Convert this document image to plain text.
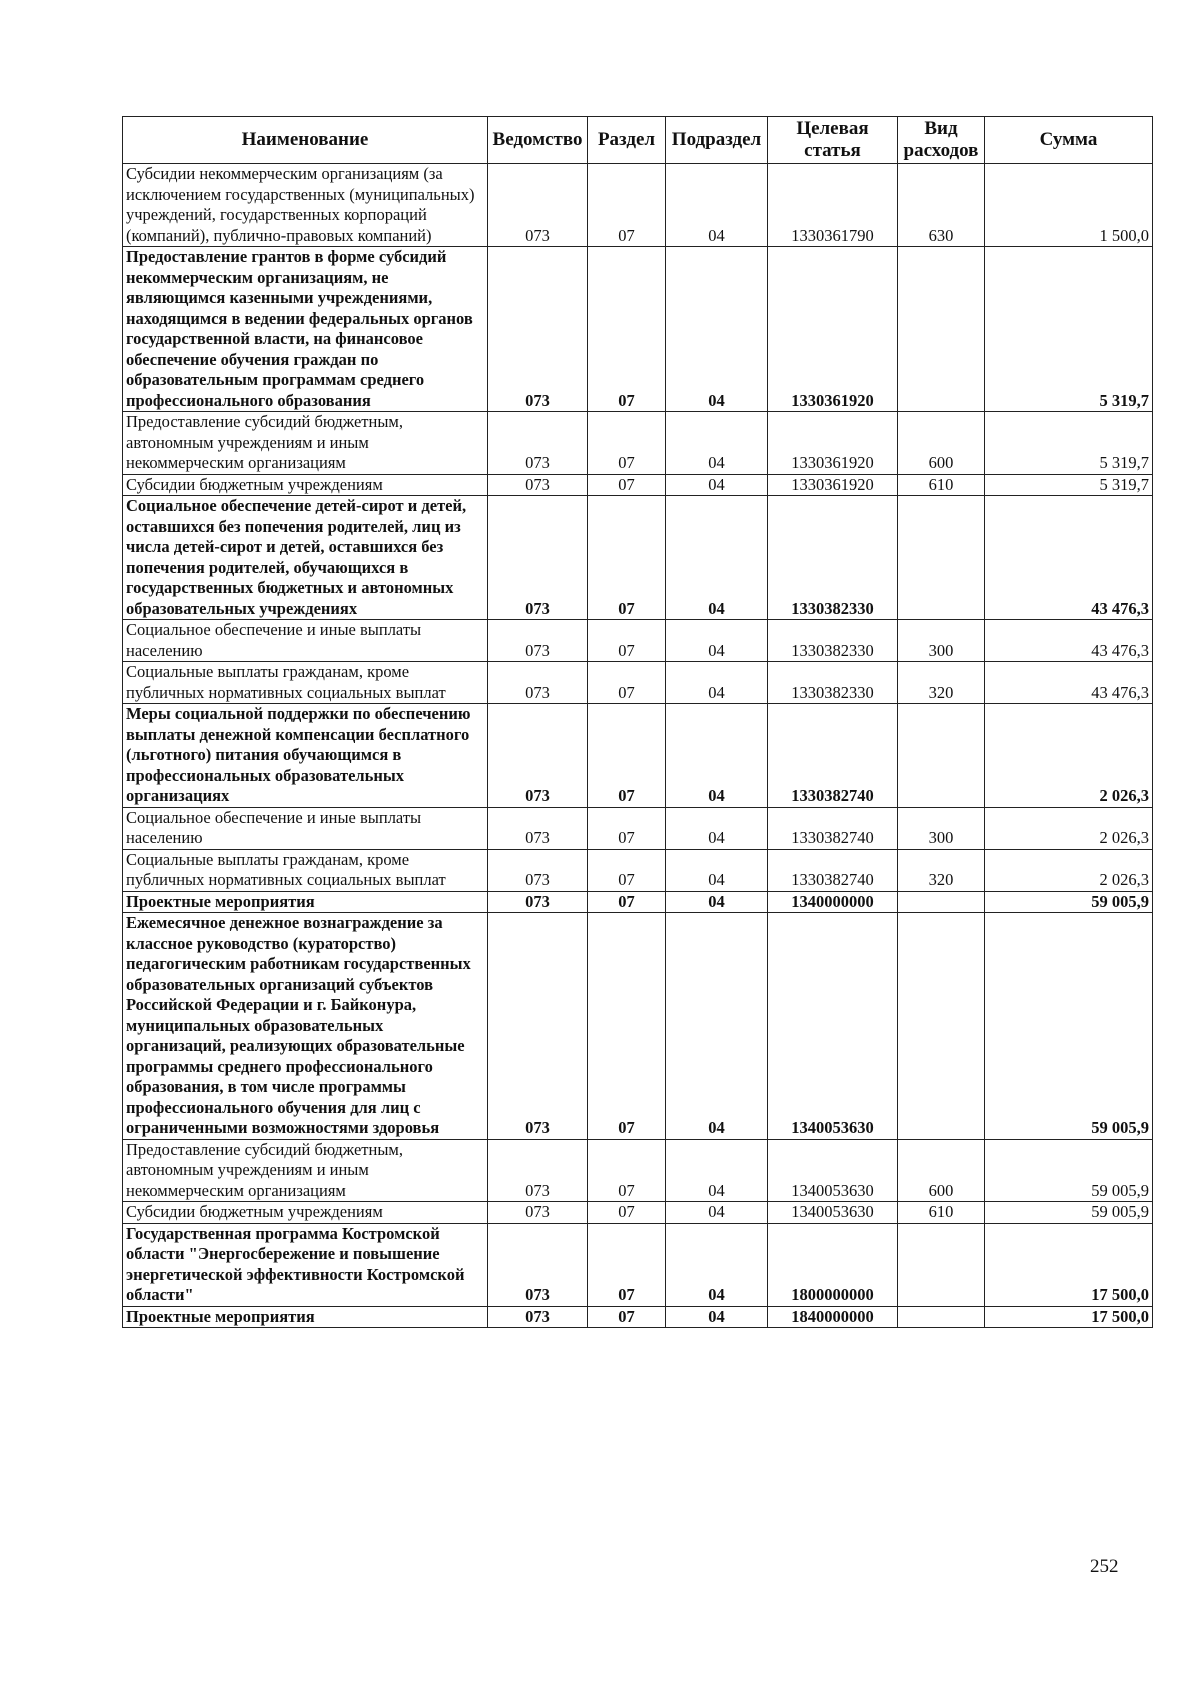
Наименование	Ведомство	Раздел	Подраздел	Целевая статья	Вид расходов	Сумма
Субсидии некоммерческим организациям (за исключением государственных (муниципальных) учреждений, государственных корпораций (компаний), публично-правовых компаний)	073	07	04	1330361790	630	1 500,0
Предоставление грантов в форме субсидий некоммерческим организациям, не являющимся казенными учреждениями, находящимся в ведении федеральных органов государственной власти, на финансовое обеспечение обучения граждан по образовательным программам среднего профессионального образования	073	07	04	1330361920		5 319,7
Предоставление субсидий бюджетным, автономным учреждениям и иным некоммерческим организациям	073	07	04	1330361920	600	5 319,7
Субсидии бюджетным учреждениям	073	07	04	1330361920	610	5 319,7
Социальное обеспечение детей-сирот и детей, оставшихся без попечения родителей, лиц из числа детей-сирот и детей, оставшихся без попечения родителей, обучающихся в государственных бюджетных и автономных образовательных учреждениях	073	07	04	1330382330		43 476,3
Социальное обеспечение и иные выплаты населению	073	07	04	1330382330	300	43 476,3
Социальные выплаты гражданам, кроме публичных нормативных социальных выплат	073	07	04	1330382330	320	43 476,3
Меры социальной поддержки по обеспечению выплаты денежной компенсации бесплатного (льготного) питания обучающимся в профессиональных образовательных организациях	073	07	04	1330382740		2 026,3
Социальное обеспечение и иные выплаты населению	073	07	04	1330382740	300	2 026,3
Социальные выплаты гражданам, кроме публичных нормативных социальных выплат	073	07	04	1330382740	320	2 026,3
Проектные мероприятия	073	07	04	1340000000		59 005,9
Ежемесячное денежное вознаграждение за классное руководство (кураторство) педагогическим работникам государственных образовательных организаций субъектов Российской Федерации и г. Байконура, муниципальных образовательных организаций, реализующих образовательные программы среднего профессионального образования, в том числе программы профессионального обучения для лиц с ограниченными возможностями здоровья	073	07	04	1340053630		59 005,9
Предоставление субсидий бюджетным, автономным учреждениям и иным некоммерческим организациям	073	07	04	1340053630	600	59 005,9
Субсидии бюджетным учреждениям	073	07	04	1340053630	610	59 005,9
Государственная программа Костромской области "Энергосбережение и повышение энергетической эффективности Костромской области"	073	07	04	1800000000		17 500,0
Проектные мероприятия	073	07	04	1840000000		17 500,0
252
